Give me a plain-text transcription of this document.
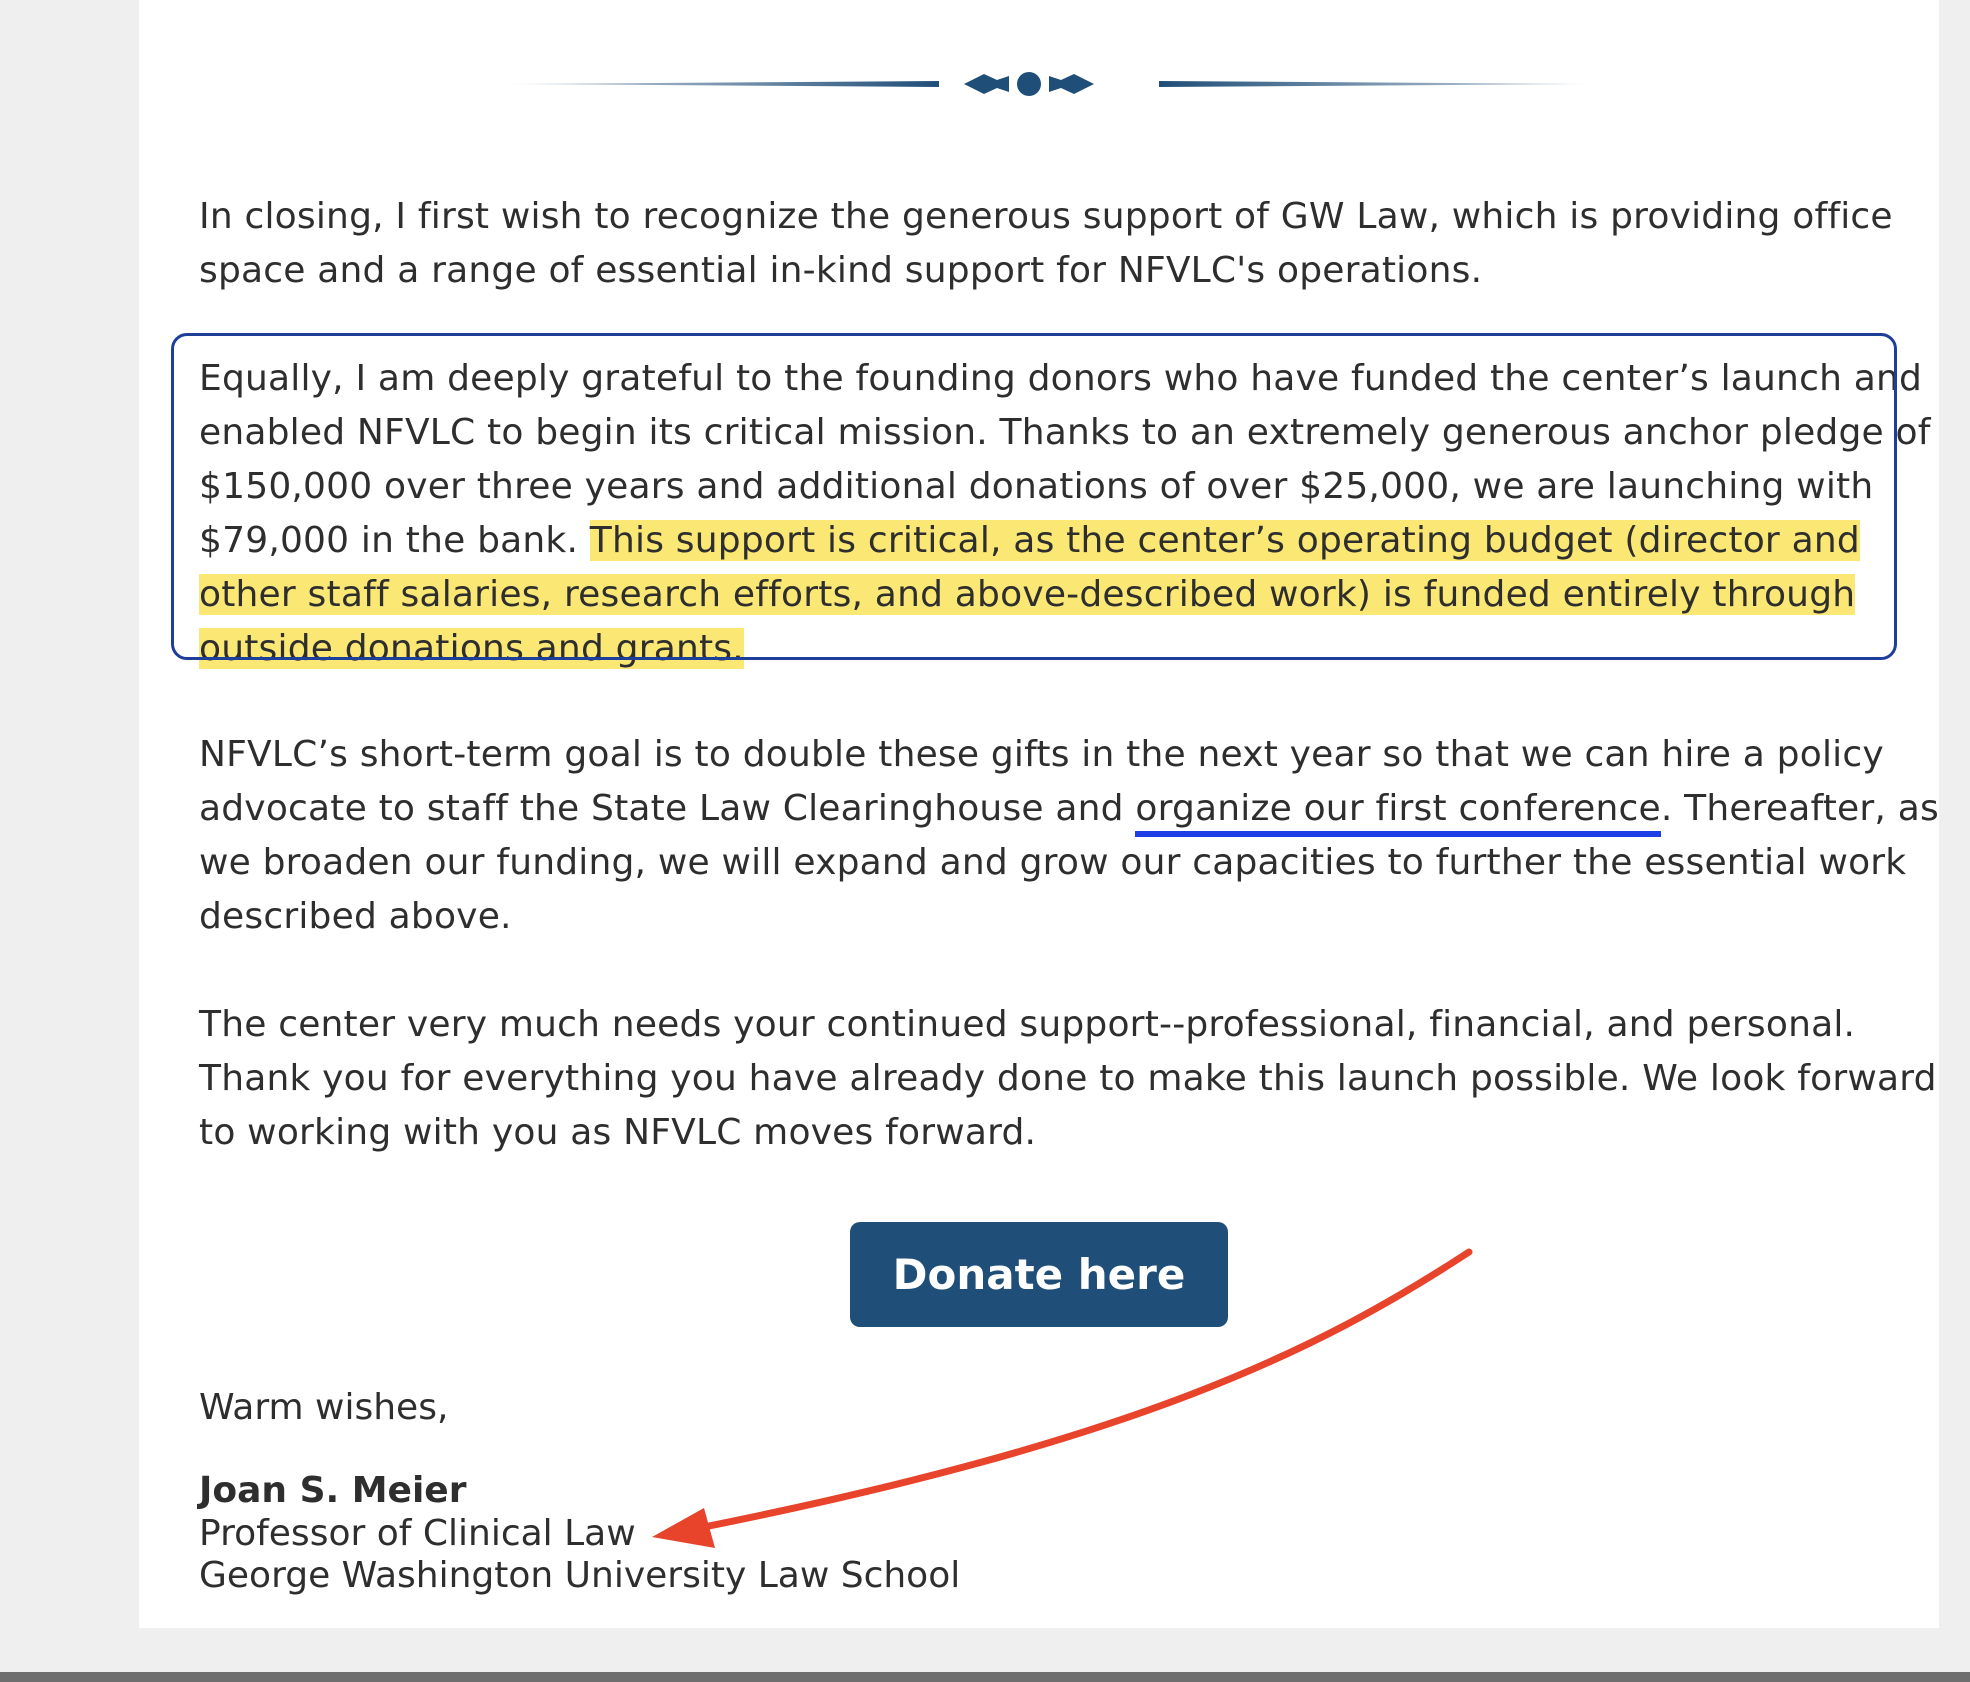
In closing, I first wish to recognize the generous support of GW Law, which is providing office space and a range of essential in-kind support for NFVLC's operations.

Equally, I am deeply grateful to the founding donors who have funded the center’s launch and enabled NFVLC to begin its critical mission. Thanks to an extremely generous anchor pledge of $150,000 over three years and additional donations of over $25,000, we are launching with $79,000 in the bank. This support is critical, as the center’s operating budget (director and other staff salaries, research efforts, and above-described work) is funded entirely through outside donations and grants.

NFVLC’s short-term goal is to double these gifts in the next year so that we can hire a policy advocate to staff the State Law Clearinghouse and organize our first conference. Thereafter, as we broaden our funding, we will expand and grow our capacities to further the essential work described above.

The center very much needs your continued support--professional, financial, and personal. Thank you for everything you have already done to make this launch possible. We look forward to working with you as NFVLC moves forward.

Donate here

Warm wishes,

Joan S. Meier

Professor of Clinical Law

George Washington University Law School
